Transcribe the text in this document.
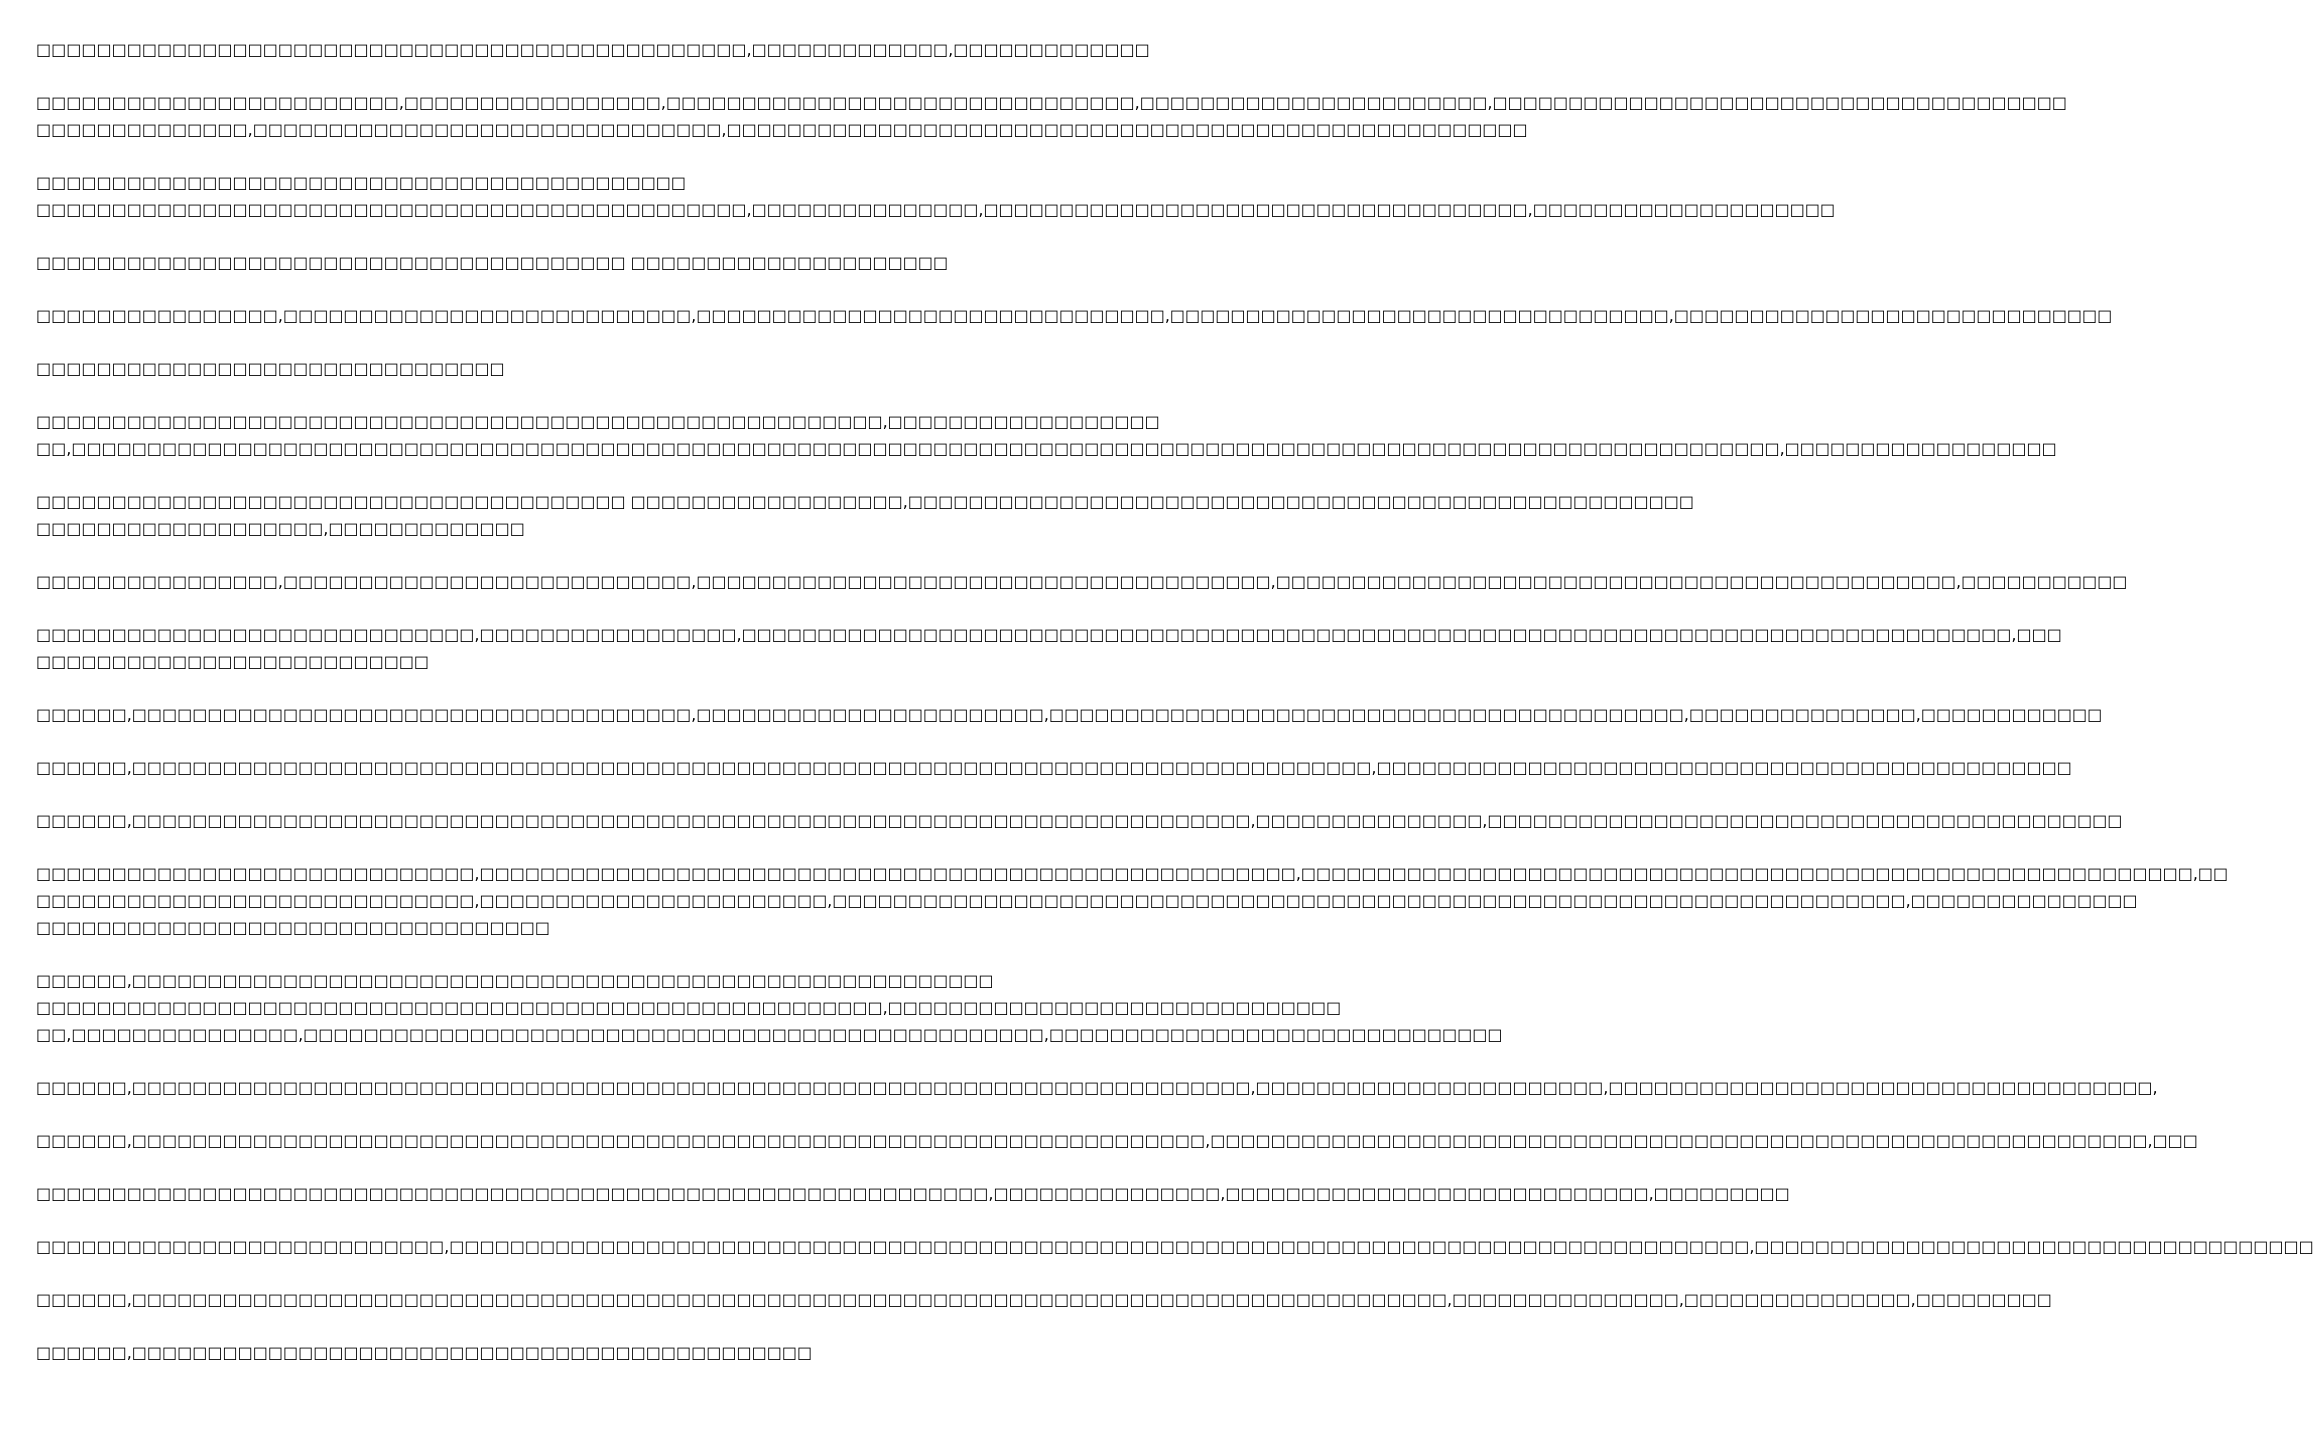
□□□□□□□□□□□□□□□□□□□□□□□□□□□□□□□□□□□□□□□□□□□□□□□,□□□□□□□□□□□□□,□□□□□□□□□□□□□
□□□□□□□□□□□□□□□□□□□□□□□□,□□□□□□□□□□□□□□□□□,□□□□□□□□□□□□□□□□□□□□□□□□□□□□□□□,□□□□□□□□□□□□□□□□□□□□□□□,□□□□□□□□□□□□□□□□□□□□□□□□□□□□□□□□□□□□□□
□□□□□□□□□□□□□□,□□□□□□□□□□□□□□□□□□□□□□□□□□□□□□□,□□□□□□□□□□□□□□□□□□□□□□□□□□□□□□□□□□□□□□□□□□□□□□□□□□□□□
□□□□□□□□□□□□□□□□□□□□□□□□□□□□□□□□□□□□□□□□□□□
□□□□□□□□□□□□□□□□□□□□□□□□□□□□□□□□□□□□□□□□□□□□□□□,□□□□□□□□□□□□□□□,□□□□□□□□□□□□□□□□□□□□□□□□□□□□□□□□□□□□,□□□□□□□□□□□□□□□□□□□□
□□□□□□□□□□□□□□□□□□□□□□□□□□□□□□□□□□□□□□□ □□□□□□□□□□□□□□□□□□□□□
□□□□□□□□□□□□□□□□,□□□□□□□□□□□□□□□□□□□□□□□□□□□,□□□□□□□□□□□□□□□□□□□□□□□□□□□□□□□,□□□□□□□□□□□□□□□□□□□□□□□□□□□□□□□□□,□□□□□□□□□□□□□□□□□□□□□□□□□□□□□
□□□□□□□□□□□□□□□□□□□□□□□□□□□□□□□
□□□□□□□□□□□□□□□□□□□□□□□□□□□□□□□□□□□□□□□□□□□□□□□□□□□□□□□□,□□□□□□□□□□□□□□□□□□
□□,□□□□□□□□□□□□□□□□□□□□□□□□□□□□□□□□□□□□□□□□□□□□□□□□□□□□□□□□□□□□□□□□□□□□□□□□□□□□□□□□□□□□□□□□□□□□□□□□□□□□□□□□□□□□□□□□□,□□□□□□□□□□□□□□□□□□
□□□□□□□□□□□□□□□□□□□□□□□□□□□□□□□□□□□□□□□ □□□□□□□□□□□□□□□□□□,□□□□□□□□□□□□□□□□□□□□□□□□□□□□□□□□□□□□□□□□□□□□□□□□□□□□
□□□□□□□□□□□□□□□□□□□,□□□□□□□□□□□□□
□□□□□□□□□□□□□□□□,□□□□□□□□□□□□□□□□□□□□□□□□□□□,□□□□□□□□□□□□□□□□□□□□□□□□□□□□□□□□□□□□□□,□□□□□□□□□□□□□□□□□□□□□□□□□□□□□□□□□□□□□□□□□□□□□,□□□□□□□□□□□
□□□□□□□□□□□□□□□□□□□□□□□□□□□□□,□□□□□□□□□□□□□□□□□,□□□□□□□□□□□□□□□□□□□□□□□□□□□□□□□□□□□□□□□□□□□□□□□□□□□□□□□□□□□□□□□□□□□□□□□□□□□□□□□□□□□□,□□□
□□□□□□□□□□□□□□□□□□□□□□□□□□
□□□□□□,□□□□□□□□□□□□□□□□□□□□□□□□□□□□□□□□□□□□□,□□□□□□□□□□□□□□□□□□□□□□□,□□□□□□□□□□□□□□□□□□□□□□□□□□□□□□□□□□□□□□□□□□,□□□□□□□□□□□□□□□,□□□□□□□□□□□□
□□□□□□,□□□□□□□□□□□□□□□□□□□□□□□□□□□□□□□□□□□□□□□□□□□□□□□□□□□□□□□□□□□□□□□□□□□□□□□□□□□□□□□□□□,□□□□□□□□□□□□□□□□□□□□□□□□□□□□□□□□□□□□□□□□□□□□□□
□□□□□□,□□□□□□□□□□□□□□□□□□□□□□□□□□□□□□□□□□□□□□□□□□□□□□□□□□□□□□□□□□□□□□□□□□□□□□□□□□,□□□□□□□□□□□□□□□,□□□□□□□□□□□□□□□□□□□□□□□□□□□□□□□□□□□□□□□□□□
□□□□□□□□□□□□□□□□□□□□□□□□□□□□□,□□□□□□□□□□□□□□□□□□□□□□□□□□□□□□□□□□□□□□□□□□□□□□□□□□□□□□,□□□□□□□□□□□□□□□□□□□□□□□□□□□□□□□□□□□□□□□□□□□□□□□□□□□□□□□□□□□,□□
□□□□□□□□□□□□□□□□□□□□□□□□□□□□□,□□□□□□□□□□□□□□□□□□□□□□□,□□□□□□□□□□□□□□□□□□□□□□□□□□□□□□□□□□□□□□□□□□□□□□□□□□□□□□□□□□□□□□□□□□□□□□□,□□□□□□□□□□□□□□□
□□□□□□□□□□□□□□□□□□□□□□□□□□□□□□□□□□
□□□□□□,□□□□□□□□□□□□□□□□□□□□□□□□□□□□□□□□□□□□□□□□□□□□□□□□□□□□□□□□□
□□□□□□□□□□□□□□□□□□□□□□□□□□□□□□□□□□□□□□□□□□□□□□□□□□□□□□□□,□□□□□□□□□□□□□□□□□□□□□□□□□□□□□□
□□,□□□□□□□□□□□□□□□,□□□□□□□□□□□□□□□□□□□□□□□□□□□□□□□□□□□□□□□□□□□□□□□□□,□□□□□□□□□□□□□□□□□□□□□□□□□□□□□□
□□□□□□,□□□□□□□□□□□□□□□□□□□□□□□□□□□□□□□□□□□□□□□□□□□□□□□□□□□□□□□□□□□□□□□□□□□□□□□□□□,□□□□□□□□□□□□□□□□□□□□□□□,□□□□□□□□□□□□□□□□□□□□□□□□□□□□□□□□□□□□,
□□□□□□,□□□□□□□□□□□□□□□□□□□□□□□□□□□□□□□□□□□□□□□□□□□□□□□□□□□□□□□□□□□□□□□□□□□□□□□,□□□□□□□□□□□□□□□□□□□□□□□□□□□□□□□□□□□□□□□□□□□□□□□□□□□□□□□□□□□□□□,□□□
□□□□□□□□□□□□□□□□□□□□□□□□□□□□□□□□□□□□□□□□□□□□□□□□□□□□□□□□□□□□□□□,□□□□□□□□□□□□□□□,□□□□□□□□□□□□□□□□□□□□□□□□□□□□,□□□□□□□□□
□□□□□□□□□□□□□□□□□□□□□□□□□□□,□□□□□□□□□□□□□□□□□□□□□□□□□□□□□□□□□□□□□□□□□□□□□□□□□□□□□□□□□□□□□□□□□□□□□□□□□□□□□□□□□□□□□□,□□□□□□□□□□□□□□□□□□□□□□□□□□□□□□□□□□□□□
□□□□□□,□□□□□□□□□□□□□□□□□□□□□□□□□□□□□□□□□□□□□□□□□□□□□□□□□□□□□□□□□□□□□□□□□□□□□□□□□□□□□□□□□□□□□□□,□□□□□□□□□□□□□□□,□□□□□□□□□□□□□□□,□□□□□□□□□
□□□□□□,□□□□□□□□□□□□□□□□□□□□□□□□□□□□□□□□□□□□□□□□□□□□□
